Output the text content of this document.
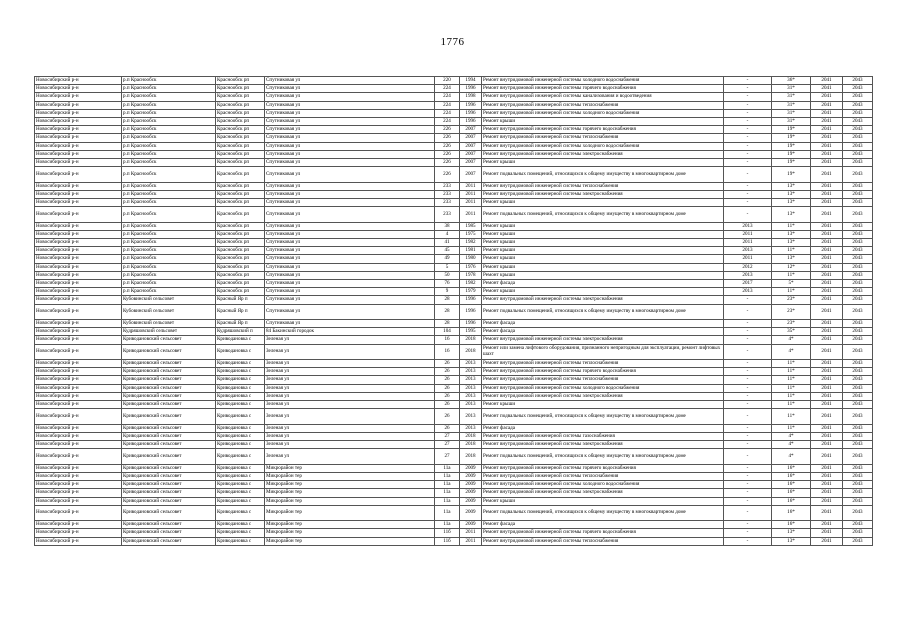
1776
Новосибирский р-н	р.п Краснообск	Краснообск рп	Спутниковая ул	220	1994	Ремонт внутридомовой инженерной системы холодного водоснабжения	-	36*	2041	2043
Новосибирский р-н	р.п Краснообск	Краснообск рп	Спутниковая ул	224	1996	Ремонт внутридомовой инженерной системы горячего водоснабжения	-	31*	2041	2043
Новосибирский р-н	р.п Краснообск	Краснообск рп	Спутниковая ул	224	1998	Ремонт внутридомовой инженерной системы канализования и водоотведения	-	31*	2041	2043
Новосибирский р-н	р.п Краснообск	Краснообск рп	Спутниковая ул	224	1996	Ремонт внутридомовой инженерной системы теплоснабжения	-	31*	2041	2043
Новосибирский р-н	р.п Краснообск	Краснообск рп	Спутниковая ул	224	1996	Ремонт внутридомовой инженерной системы холодного водоснабжения	-	31*	2041	2043
Новосибирский р-н	р.п Краснообск	Краснообск рп	Спутниковая ул	224	1996	Ремонт крыши	-	31*	2041	2043
Новосибирский р-н	р.п Краснообск	Краснообск рп	Спутниковая ул	226	2007	Ремонт внутридомовой инженерной системы горячего водоснабжения	-	19*	2041	2043
Новосибирский р-н	р.п Краснообск	Краснообск рп	Спутниковая ул	226	2007	Ремонт внутридомовой инженерной системы теплоснабжения	-	19*	2041	2043
Новосибирский р-н	р.п Краснообск	Краснообск рп	Спутниковая ул	226	2007	Ремонт внутридомовой инженерной системы холодного водоснабжения	-	19*	2041	2043
Новосибирский р-н	р.п Краснообск	Краснообск рп	Спутниковая ул	226	2007	Ремонт внутридомовой инженерной системы электроснабжения	-	19*	2041	2043
Новосибирский р-н	р.п Краснообск	Краснообск рп	Спутниковая ул	226	2007	Ремонт крыши	-	19*	2041	2043
Новосибирский р-н	р.п Краснообск	Краснообск рп	Спутниковая ул	226	2007	Ремонт подвальных помещений, относящихся к общему имуществу в многоквартирном доме	-	19*	2041	2043
Новосибирский р-н	р.п Краснообск	Краснообск рп	Спутниковая ул	233	2011	Ремонт внутридомовой инженерной системы теплоснабжения	-	13*	2041	2043
Новосибирский р-н	р.п Краснообск	Краснообск рп	Спутниковая ул	233	2011	Ремонт внутридомовой инженерной системы электроснабжения	-	13*	2041	2043
Новосибирский р-н	р.п Краснообск	Краснообск рп	Спутниковая ул	233	2011	Ремонт крыши	-	13*	2041	2043
Новосибирский р-н	р.п Краснообск	Краснообск рп	Спутниковая ул	233	2011	Ремонт подвальных помещений, относящихся к общему имуществу в многоквартирном доме	-	13*	2041	2043
Новосибирский р-н	р.п Краснообск	Краснообск рп	Спутниковая ул	38	1985	Ремонт крыши	2013	11*	2041	2043
Новосибирский р-н	р.п Краснообск	Краснообск рп	Спутниковая ул	4	1975	Ремонт крыши	2011	13*	2041	2043
Новосибирский р-н	р.п Краснообск	Краснообск рп	Спутниковая ул	41	1982	Ремонт крыши	2011	13*	2041	2043
Новосибирский р-н	р.п Краснообск	Краснообск рп	Спутниковая ул	45	1981	Ремонт крыши	2013	11*	2041	2043
Новосибирский р-н	р.п Краснообск	Краснообск рп	Спутниковая ул	49	1980	Ремонт крыши	2011	13*	2041	2043
Новосибирский р-н	р.п Краснообск	Краснообск рп	Спутниковая ул	5	1976	Ремонт крыши	2012	12*	2041	2043
Новосибирский р-н	р.п Краснообск	Краснообск рп	Спутниковая ул	50	1978	Ремонт крыши	2013	11*	2041	2043
Новосибирский р-н	р.п Краснообск	Краснообск рп	Спутниковая ул	76	1982	Ремонт фасада	2017	5*	2041	2043
Новосибирский р-н	р.п Краснообск	Краснообск рп	Спутниковая ул	9	1979	Ремонт крыши	2013	11*	2041	2043
Новосибирский р-н	Кубовинский сельсовет	Красный Яр п	Спутниковая ул	28	1996	Ремонт внутридомовой инженерной системы электроснабжения	-	23*	2041	2043
Новосибирский р-н	Кубовинский сельсовет	Красный Яр п	Спутниковая ул	28	1996	Ремонт подвальных помещений, относящихся к общему имуществу в многоквартирном доме	-	23*	2041	2043
Новосибирский р-н	Кубовинский сельсовет	Красный Яр п	Спутниковая ул	28	1996	Ремонт фасада	-	23*	2041	2043
Новосибирский р-н	Кудряшовский сельсовет	Кудряшовский п	84 Бакинский городок	104	1995	Ремонт фасада	-	35*	2041	2043
Новосибирский р-н	Криводановский сельсовет	Криводановка с	Зеленая ул	16	2018	Ремонт внутридомовой инженерной системы электроснабжения	-	4*	2041	2043
Новосибирский р-н	Криводановский сельсовет	Криводановка с	Зеленая ул	16	2018	Ремонт или замена лифтового оборудования, признанного непригодным для эксплуатации, ремонт лифтовых шахт	-	4*	2041	2043
Новосибирский р-н	Криводановский сельсовет	Криводановка с	Зеленая ул	26	2013	Ремонт внутридомовой инженерной системы теплоснабжения	-	11*	2041	2043
Новосибирский р-н	Криводановский сельсовет	Криводановка с	Зеленая ул	26	2013	Ремонт внутридомовой инженерной системы горячего водоснабжения	-	11*	2041	2043
Новосибирский р-н	Криводановский сельсовет	Криводановка с	Зеленая ул	26	2013	Ремонт внутридомовой инженерной системы теплоснабжения	-	11*	2041	2043
Новосибирский р-н	Криводановский сельсовет	Криводановка с	Зеленая ул	26	2013	Ремонт внутридомовой инженерной системы холодного водоснабжения	-	11*	2041	2043
Новосибирский р-н	Криводановский сельсовет	Криводановка с	Зеленая ул	26	2013	Ремонт внутридомовой инженерной системы электроснабжения	-	11*	2041	2043
Новосибирский р-н	Криводановский сельсовет	Криводановка с	Зеленая ул	26	2013	Ремонт крыши	-	11*	2041	2043
Новосибирский р-н	Криводановский сельсовет	Криводановка с	Зеленая ул	26	2013	Ремонт подвальных помещений, относящихся к общему имуществу в многоквартирном доме	-	11*	2041	2043
Новосибирский р-н	Криводановский сельсовет	Криводановка с	Зеленая ул	26	2013	Ремонт фасада	-	11*	2041	2043
Новосибирский р-н	Криводановский сельсовет	Криводановка с	Зеленая ул	27	2018	Ремонт внутридомовой инженерной системы газоснабжения	-	4*	2041	2043
Новосибирский р-н	Криводановский сельсовет	Криводановка с	Зеленая ул	27	2018	Ремонт внутридомовой инженерной системы электроснабжения	-	4*	2041	2043
Новосибирский р-н	Криводановский сельсовет	Криводановка с	Зеленая ул	27	2018	Ремонт подвальных помещений, относящихся к общему имуществу в многоквартирном доме	-	4*	2041	2043
Новосибирский р-н	Криводановский сельсовет	Криводановка с	Микрорайон тер	11а	2009	Ремонт внутридомовой инженерной системы горячего водоснабжения	-	16*	2041	2043
Новосибирский р-н	Криводановский сельсовет	Криводановка с	Микрорайон тер	11а	2009	Ремонт внутридомовой инженерной системы теплоснабжения	-	16*	2041	2043
Новосибирский р-н	Криводановский сельсовет	Криводановка с	Микрорайон тер	11а	2009	Ремонт внутридомовой инженерной системы холодного водоснабжения	-	16*	2041	2043
Новосибирский р-н	Криводановский сельсовет	Криводановка с	Микрорайон тер	11а	2009	Ремонт внутридомовой инженерной системы электроснабжения	-	16*	2041	2043
Новосибирский р-н	Криводановский сельсовет	Криводановка с	Микрорайон тер	11а	2009	Ремонт крыши	-	16*	2041	2043
Новосибирский р-н	Криводановский сельсовет	Криводановка с	Микрорайон тер	11а	2009	Ремонт подвальных помещений, относящихся к общему имуществу в многоквартирном доме	-	16*	2041	2043
Новосибирский р-н	Криводановский сельсовет	Криводановка с	Микрорайон тер	11а	2009	Ремонт фасада	-	16*	2041	2043
Новосибирский р-н	Криводановский сельсовет	Криводановка с	Микрорайон тер	11б	2011	Ремонт внутридомовой инженерной системы горячего водоснабжения	-	13*	2041	2043
Новосибирский р-н	Криводановский сельсовет	Криводановка с	Микрорайон тер	11б	2011	Ремонт внутридомовой инженерной системы теплоснабжения	-	13*	2041	2043
